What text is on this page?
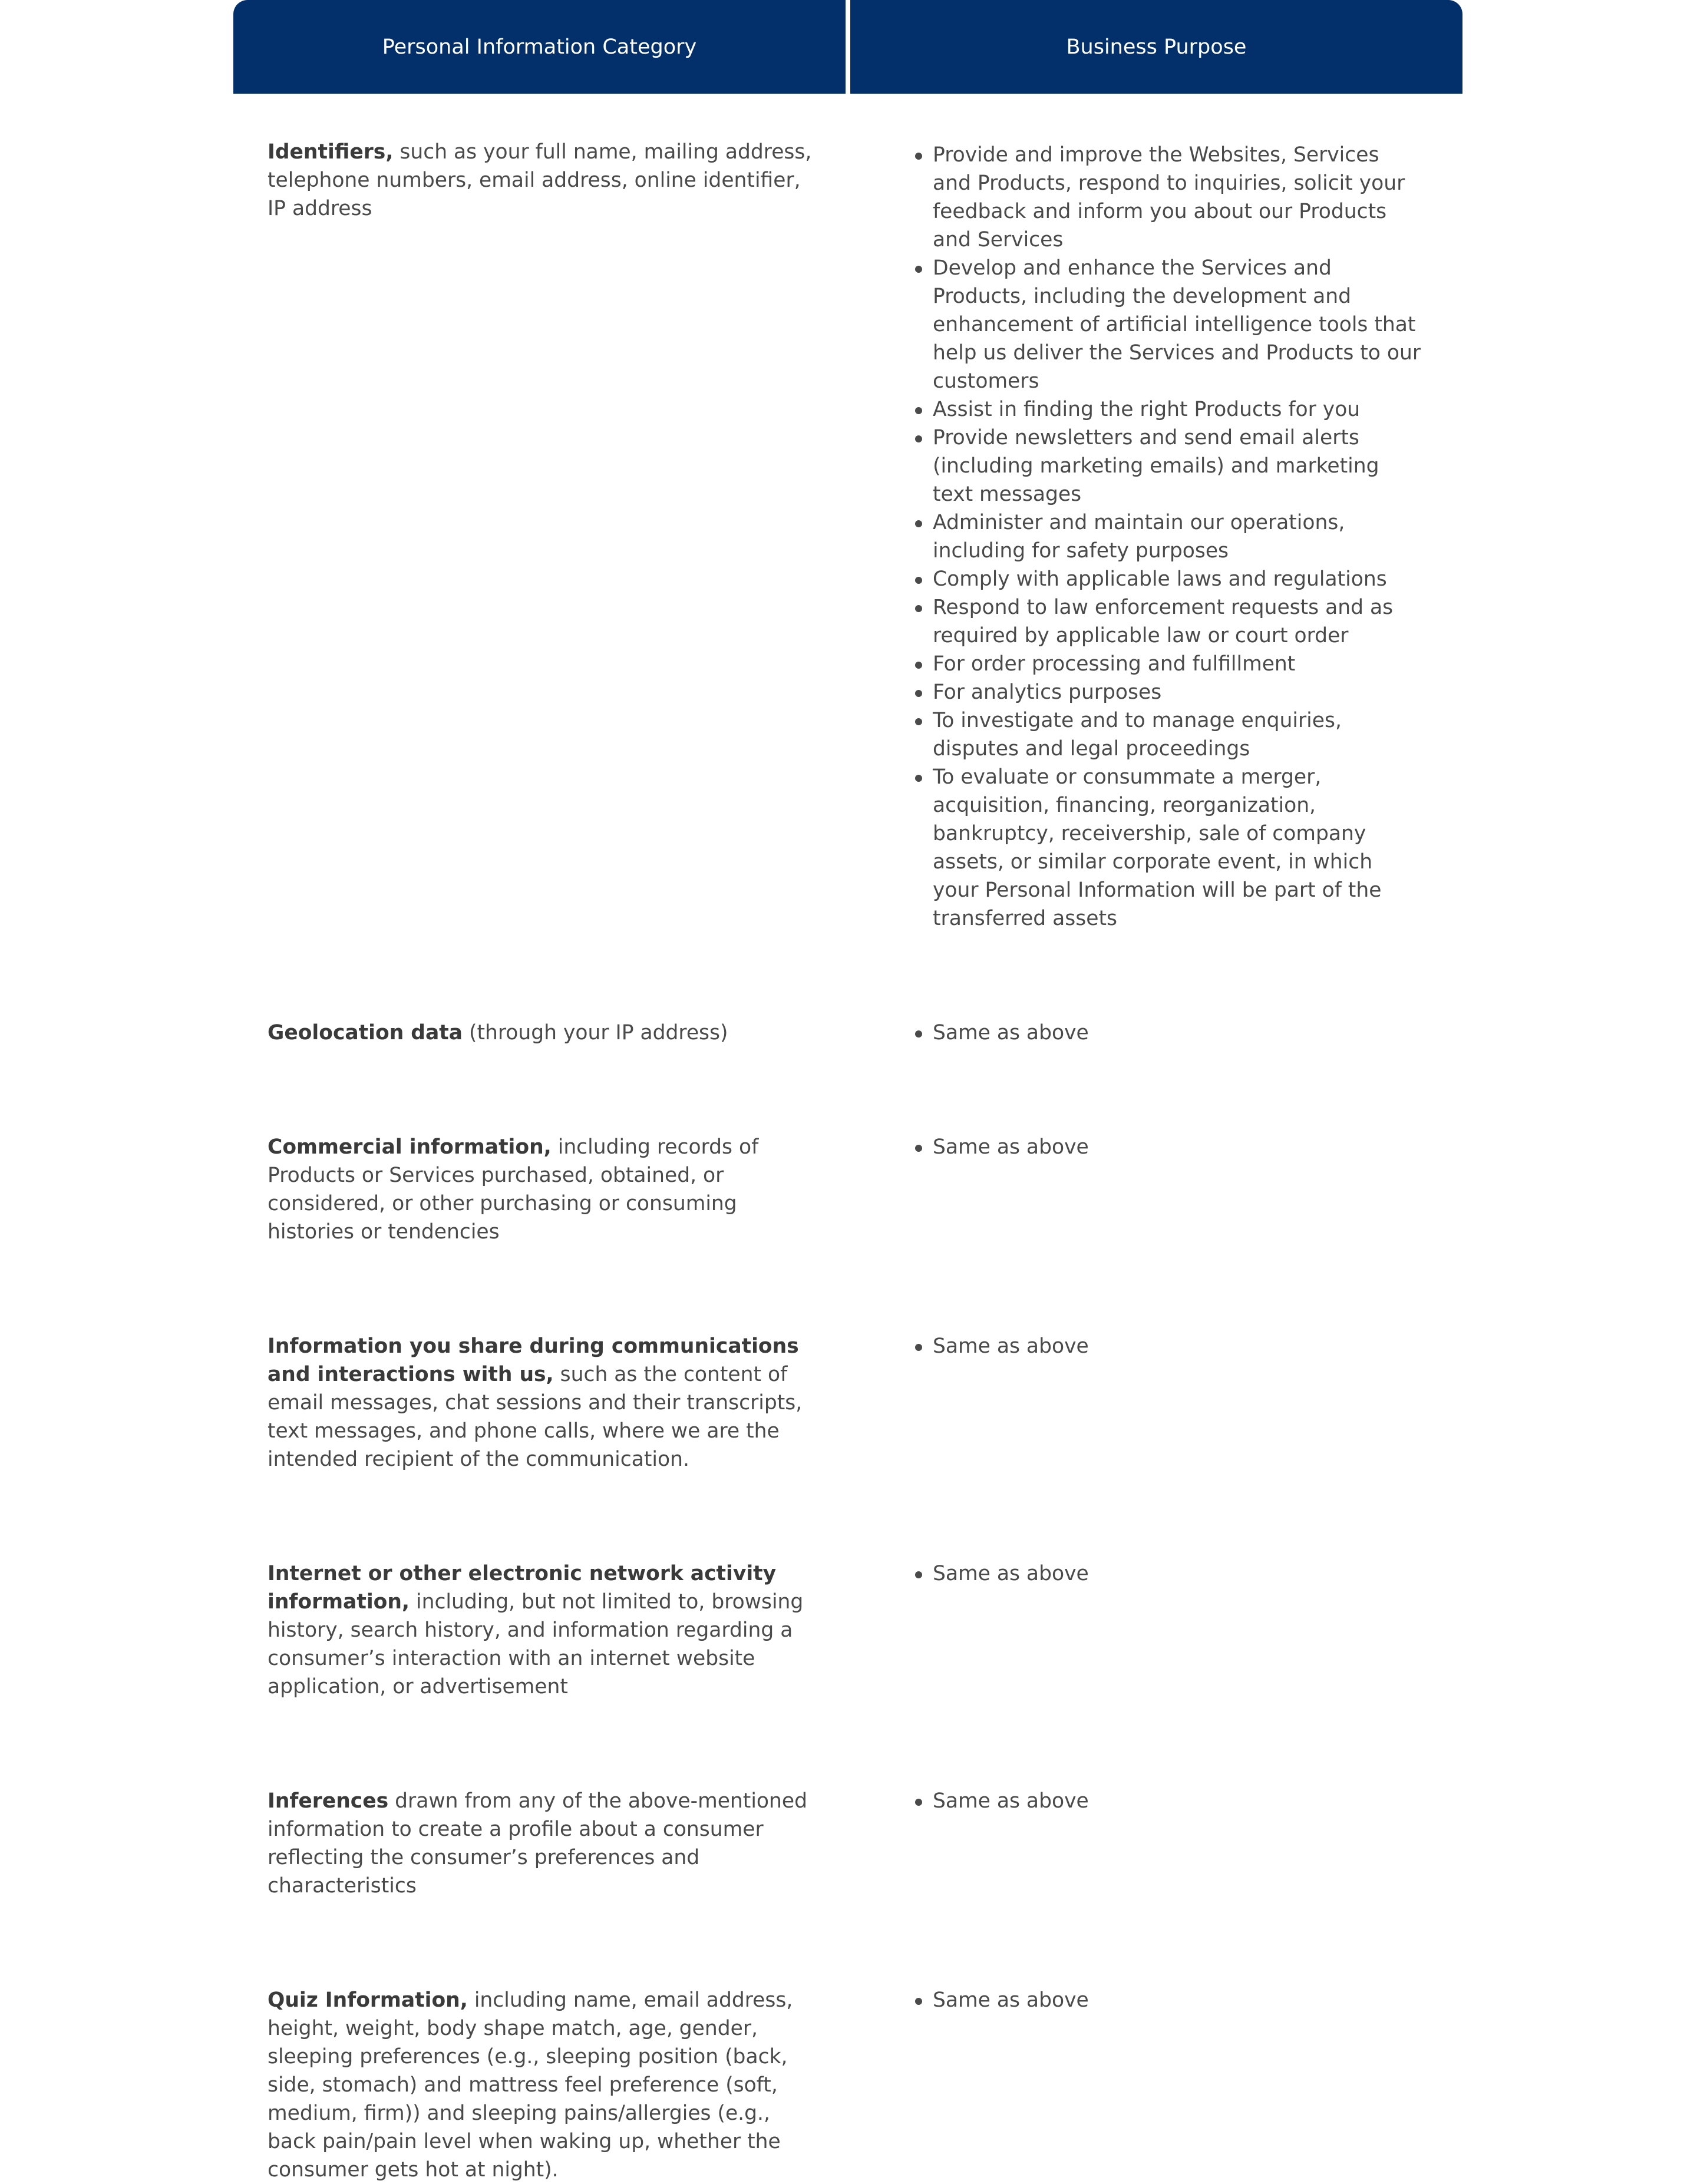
Personal Information Category	Business Purpose
Identifiers, such as your full name, mailing address, telephone numbers, email address, online identifier, IP address
Provide and improve the Websites, Services and Products, respond to inquiries, solicit your feedback and inform you about our Products and Services
Develop and enhance the Services and Products, including the development and enhancement of artificial intelligence tools that help us deliver the Services and Products to our customers
Assist in finding the right Products for you
Provide newsletters and send email alerts (including marketing emails) and marketing text messages
Administer and maintain our operations, including for safety purposes
Comply with applicable laws and regulations
Respond to law enforcement requests and as required by applicable law or court order
For order processing and fulfillment
For analytics purposes
To investigate and to manage enquiries, disputes and legal proceedings
To evaluate or consummate a merger, acquisition, financing, reorganization, bankruptcy, receivership, sale of company assets, or similar corporate event, in which your Personal Information will be part of the transferred assets
Geolocation data (through your IP address)	Same as above
Commercial information, including records of Products or Services purchased, obtained, or considered, or other purchasing or consuming histories or tendencies
Same as above
Information you share during communications and interactions with us, such as the content of email messages, chat sessions and their transcripts, text messages, and phone calls, where we are the intended recipient of the communication.
Same as above
Internet or other electronic network activity information, including, but not limited to, browsing history, search history, and information regarding a consumer’s interaction with an internet website application, or advertisement
Same as above
Inferences drawn from any of the above-mentioned information to create a profile about a consumer reflecting the consumer’s preferences and characteristics
Same as above
Quiz Information, including name, email address, height, weight, body shape match, age, gender, sleeping preferences (e.g., sleeping position (back, side, stomach) and mattress feel preference (soft, medium, firm)) and sleeping pains/allergies (e.g., back pain/pain level when waking up, whether the consumer gets hot at night).
Same as above
